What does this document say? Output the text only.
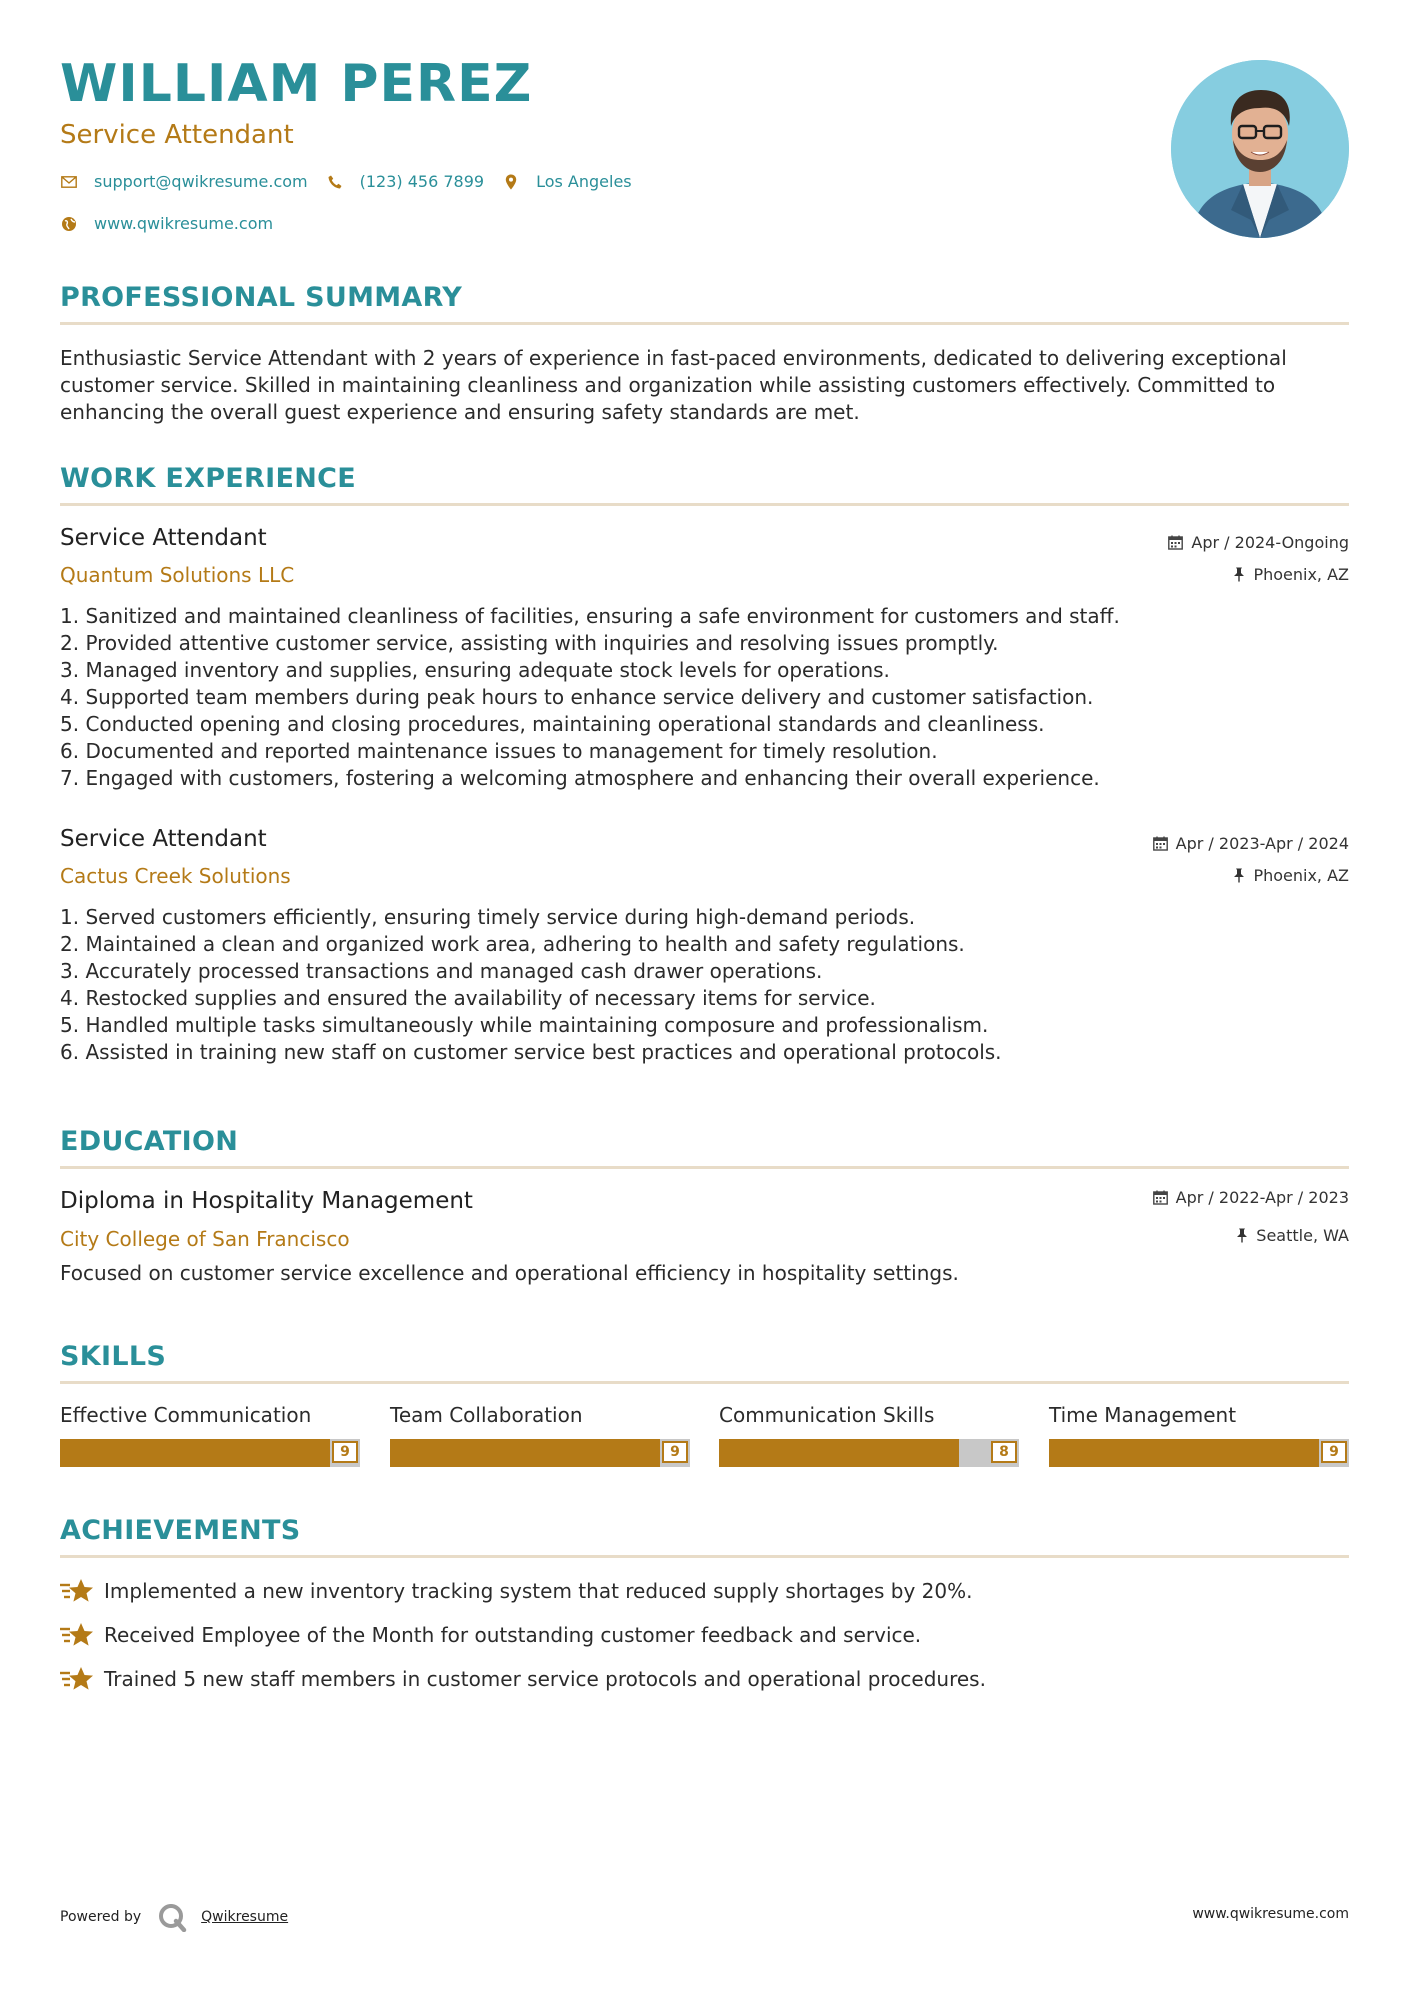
WILLIAM PEREZ
Service Attendant
support@qwikresume.com	(123) 456 7899	Los Angeles
www.qwikresume.com
PROFESSIONAL SUMMARY
Enthusiastic Service Attendant with 2 years of experience in fast-paced environments, dedicated to delivering exceptional customer service. Skilled in maintaining cleanliness and organization while assisting customers effectively. Committed to enhancing the overall guest experience and ensuring safety standards are met.
WORK EXPERIENCE
Service Attendant
Quantum Solutions LLC
Apr / 2024-Ongoing
Phoenix, AZ
1. Sanitized and maintained cleanliness of facilities, ensuring a safe environment for customers and staff.
2. Provided attentive customer service, assisting with inquiries and resolving issues promptly.
3. Managed inventory and supplies, ensuring adequate stock levels for operations.
4. Supported team members during peak hours to enhance service delivery and customer satisfaction.
5. Conducted opening and closing procedures, maintaining operational standards and cleanliness.
6. Documented and reported maintenance issues to management for timely resolution.
7. Engaged with customers, fostering a welcoming atmosphere and enhancing their overall experience.
Service Attendant
Cactus Creek Solutions
Apr / 2023-Apr / 2024
Phoenix, AZ
1. Served customers efficiently, ensuring timely service during high-demand periods.
2. Maintained a clean and organized work area, adhering to health and safety regulations.
3. Accurately processed transactions and managed cash drawer operations.
4. Restocked supplies and ensured the availability of necessary items for service.
5. Handled multiple tasks simultaneously while maintaining composure and professionalism.
6. Assisted in training new staff on customer service best practices and operational protocols.
EDUCATION
Diploma in Hospitality Management
City College of San Francisco
Apr / 2022-Apr / 2023
Seattle, WA
Focused on customer service excellence and operational efficiency in hospitality settings.
SKILLS
Effective Communication
9
Team Collaboration
9
Communication Skills
8
Time Management
9
ACHIEVEMENTS
Implemented a new inventory tracking system that reduced supply shortages by 20%.
Received Employee of the Month for outstanding customer feedback and service.
Trained 5 new staff members in customer service protocols and operational procedures.
Powered by	Qwikresume	www.qwikresume.com
